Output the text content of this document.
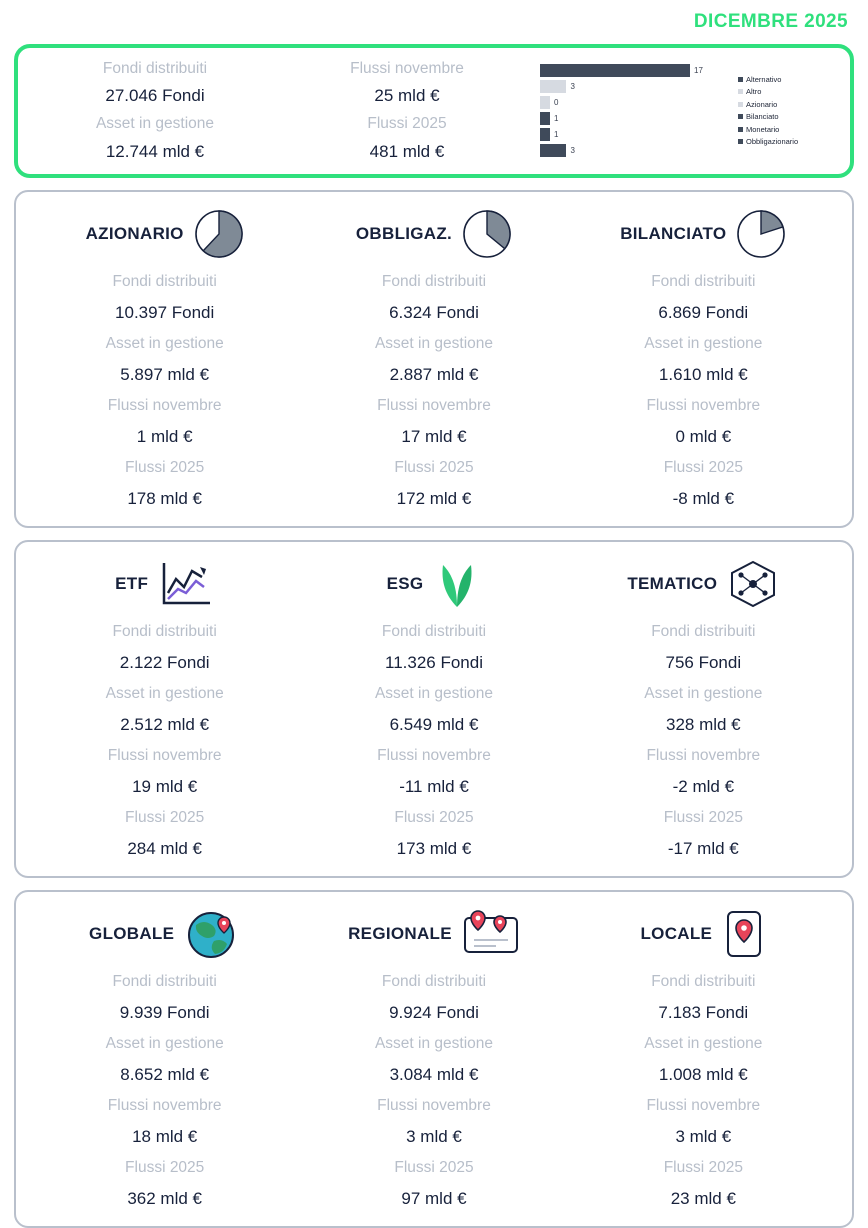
DICEMBRE 2025
Fondi distribuiti
27.046 Fondi
Asset in gestione
12.744 mld €
Flussi novembre
25 mld €
Flussi 2025
481 mld €
17
3
0
1
1
3
Alternativo
Altro
Azionario
Bilanciato
Monetario
Obbligazionario
AZIONARIO
Fondi distribuiti
10.397 Fondi
Asset in gestione
5.897 mld €
Flussi novembre
1 mld €
Flussi 2025
178 mld €
OBBLIGAZ.
Fondi distribuiti
6.324 Fondi
Asset in gestione
2.887 mld €
Flussi novembre
17 mld €
Flussi 2025
172 mld €
BILANCIATO
Fondi distribuiti
6.869 Fondi
Asset in gestione
1.610 mld €
Flussi novembre
0 mld €
Flussi 2025
-8 mld €
ETF
Fondi distribuiti
2.122 Fondi
Asset in gestione
2.512 mld €
Flussi novembre
19 mld €
Flussi 2025
284 mld €
ESG
Fondi distribuiti
11.326 Fondi
Asset in gestione
6.549 mld €
Flussi novembre
-11 mld €
Flussi 2025
173 mld €
TEMATICO
Fondi distribuiti
756 Fondi
Asset in gestione
328 mld €
Flussi novembre
-2 mld €
Flussi 2025
-17 mld €
GLOBALE
Fondi distribuiti
9.939 Fondi
Asset in gestione
8.652 mld €
Flussi novembre
18 mld €
Flussi 2025
362 mld €
REGIONALE
Fondi distribuiti
9.924 Fondi
Asset in gestione
3.084 mld €
Flussi novembre
3 mld €
Flussi 2025
97 mld €
LOCALE
Fondi distribuiti
7.183 Fondi
Asset in gestione
1.008 mld €
Flussi novembre
3 mld €
Flussi 2025
23 mld €
